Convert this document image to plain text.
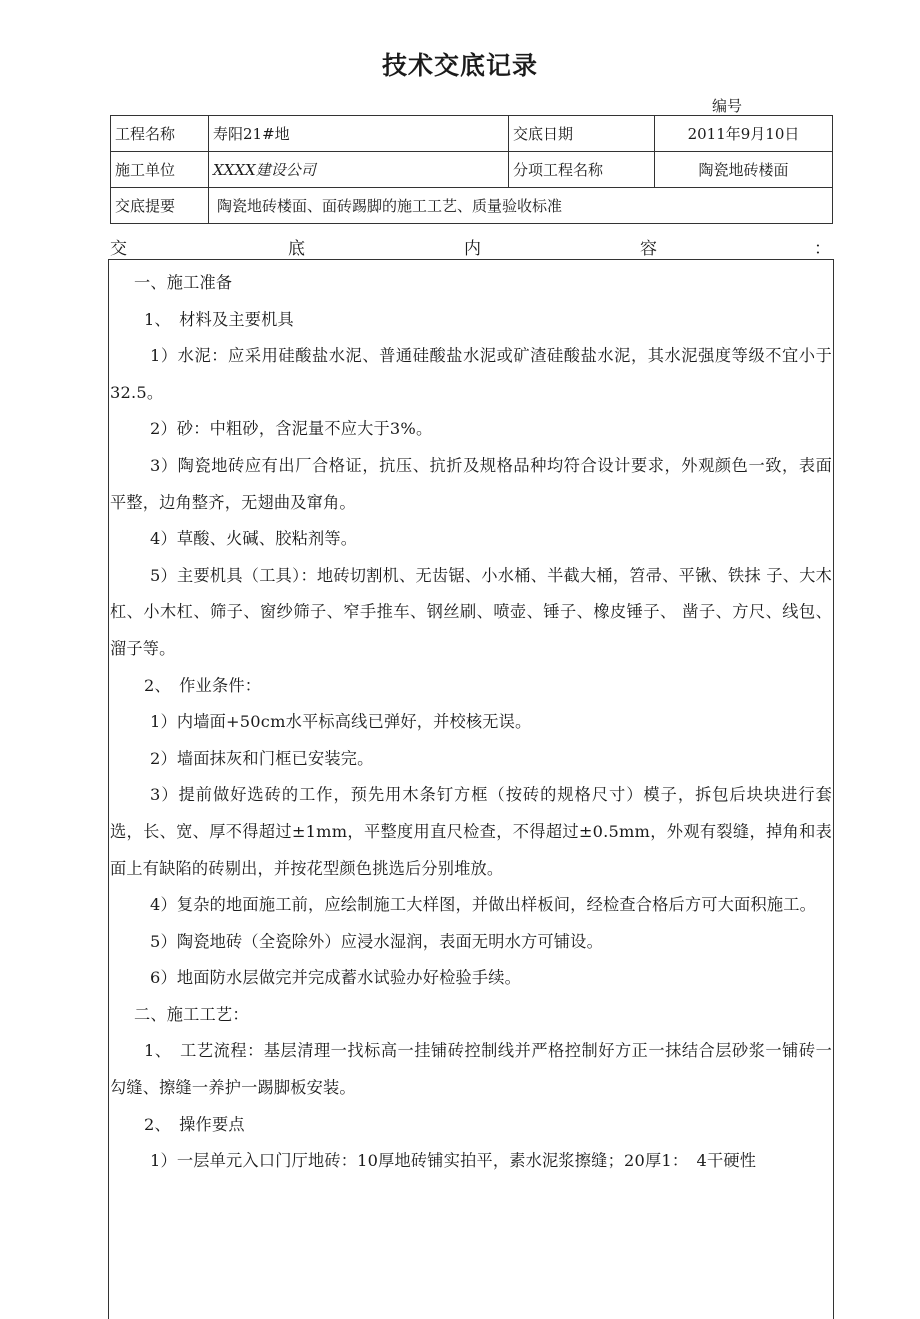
技术交底记录
编号
工程名称	寿阳21#地	交底日期	2011年9月10日
施工单位	XXXX建设公司	分项工程名称	陶瓷地砖楼面
交底提要	陶瓷地砖楼面、面砖踢脚的施工工艺、质量验收标准		
交	底	内	容	：

一、施工准备

1、　材料及主要机具

1）水泥：应采用硅酸盐水泥、普通硅酸盐水泥或矿渣硅酸盐水泥，其水泥强度等级不宜小于32.5。

2）砂：中粗砂，含泥量不应大于3%。

3）陶瓷地砖应有出厂合格证，抗压、抗折及规格品种均符合设计要求，外观颜色一致，表面平整，边角整齐，无翅曲及窜角。

4）草酸、火碱、胶粘剂等。

5）主要机具（工具）：地砖切割机、无齿锯、小水桶、半截大桶，笤帚、平锹、铁抹 子、大木杠、小木杠、筛子、窗纱筛子、窄手推车、钢丝刷、喷壶、锤子、橡皮锤子、 凿子、方尺、线包、溜子等。

2、　作业条件：

1）内墙面+50cm水平标高线已弹好，并校核无误。

2）墙面抹灰和门框已安装完。

3）提前做好选砖的工作，预先用木条钉方框（按砖的规格尺寸）模子，拆包后块块进行套选，长、宽、厚不得超过±1mm，平整度用直尺检查，不得超过±0.5mm，外观有裂缝，掉角和表面上有缺陷的砖剔出，并按花型颜色挑选后分别堆放。

4）复杂的地面施工前，应绘制施工大样图，并做出样板间，经检查合格后方可大面积施工。

5）陶瓷地砖（全瓷除外）应浸水湿润，表面无明水方可铺设。

6）地面防水层做完并完成蓄水试验办好检验手续。

二、施工工艺：

1、　工艺流程：基层清理一找标高一挂铺砖控制线并严格控制好方正一抹结合层砂浆一铺砖一勾缝、擦缝一养护一踢脚板安装。

2、　操作要点

1）一层单元入口门厅地砖：10厚地砖铺实拍平，素水泥浆擦缝；20厚1：　4干硬性
